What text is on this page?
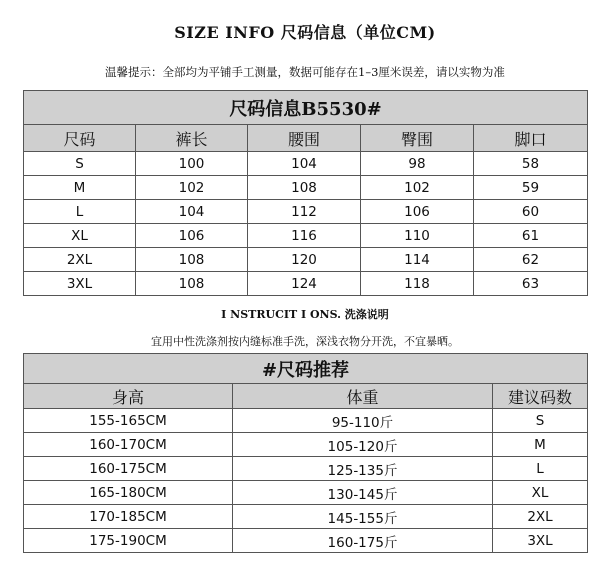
SIZE INFO 尺码信息（单位CM)
温馨提示：全部均为平铺手工测量，数据可能存在1–3厘米误差，请以实物为准
尺码信息B5530#				
尺码	裤长	腰围	臀围	脚口
S	100	104	98	58
M	102	108	102	59
L	104	112	106	60
XL	106	116	110	61
2XL	108	120	114	62
3XL	108	124	118	63
I NSTRUCIT I ONS. 洗涤说明
宜用中性洗涤剂按内缝标准手洗，深浅衣物分开洗，不宜暴晒。
#尺码推荐		
身高	体重	建议码数
155-165CM	95-110斤	S
160-170CM	105-120斤	M
160-175CM	125-135斤	L
165-180CM	130-145斤	XL
170-185CM	145-155斤	2XL
175-190CM	160-175斤	3XL
